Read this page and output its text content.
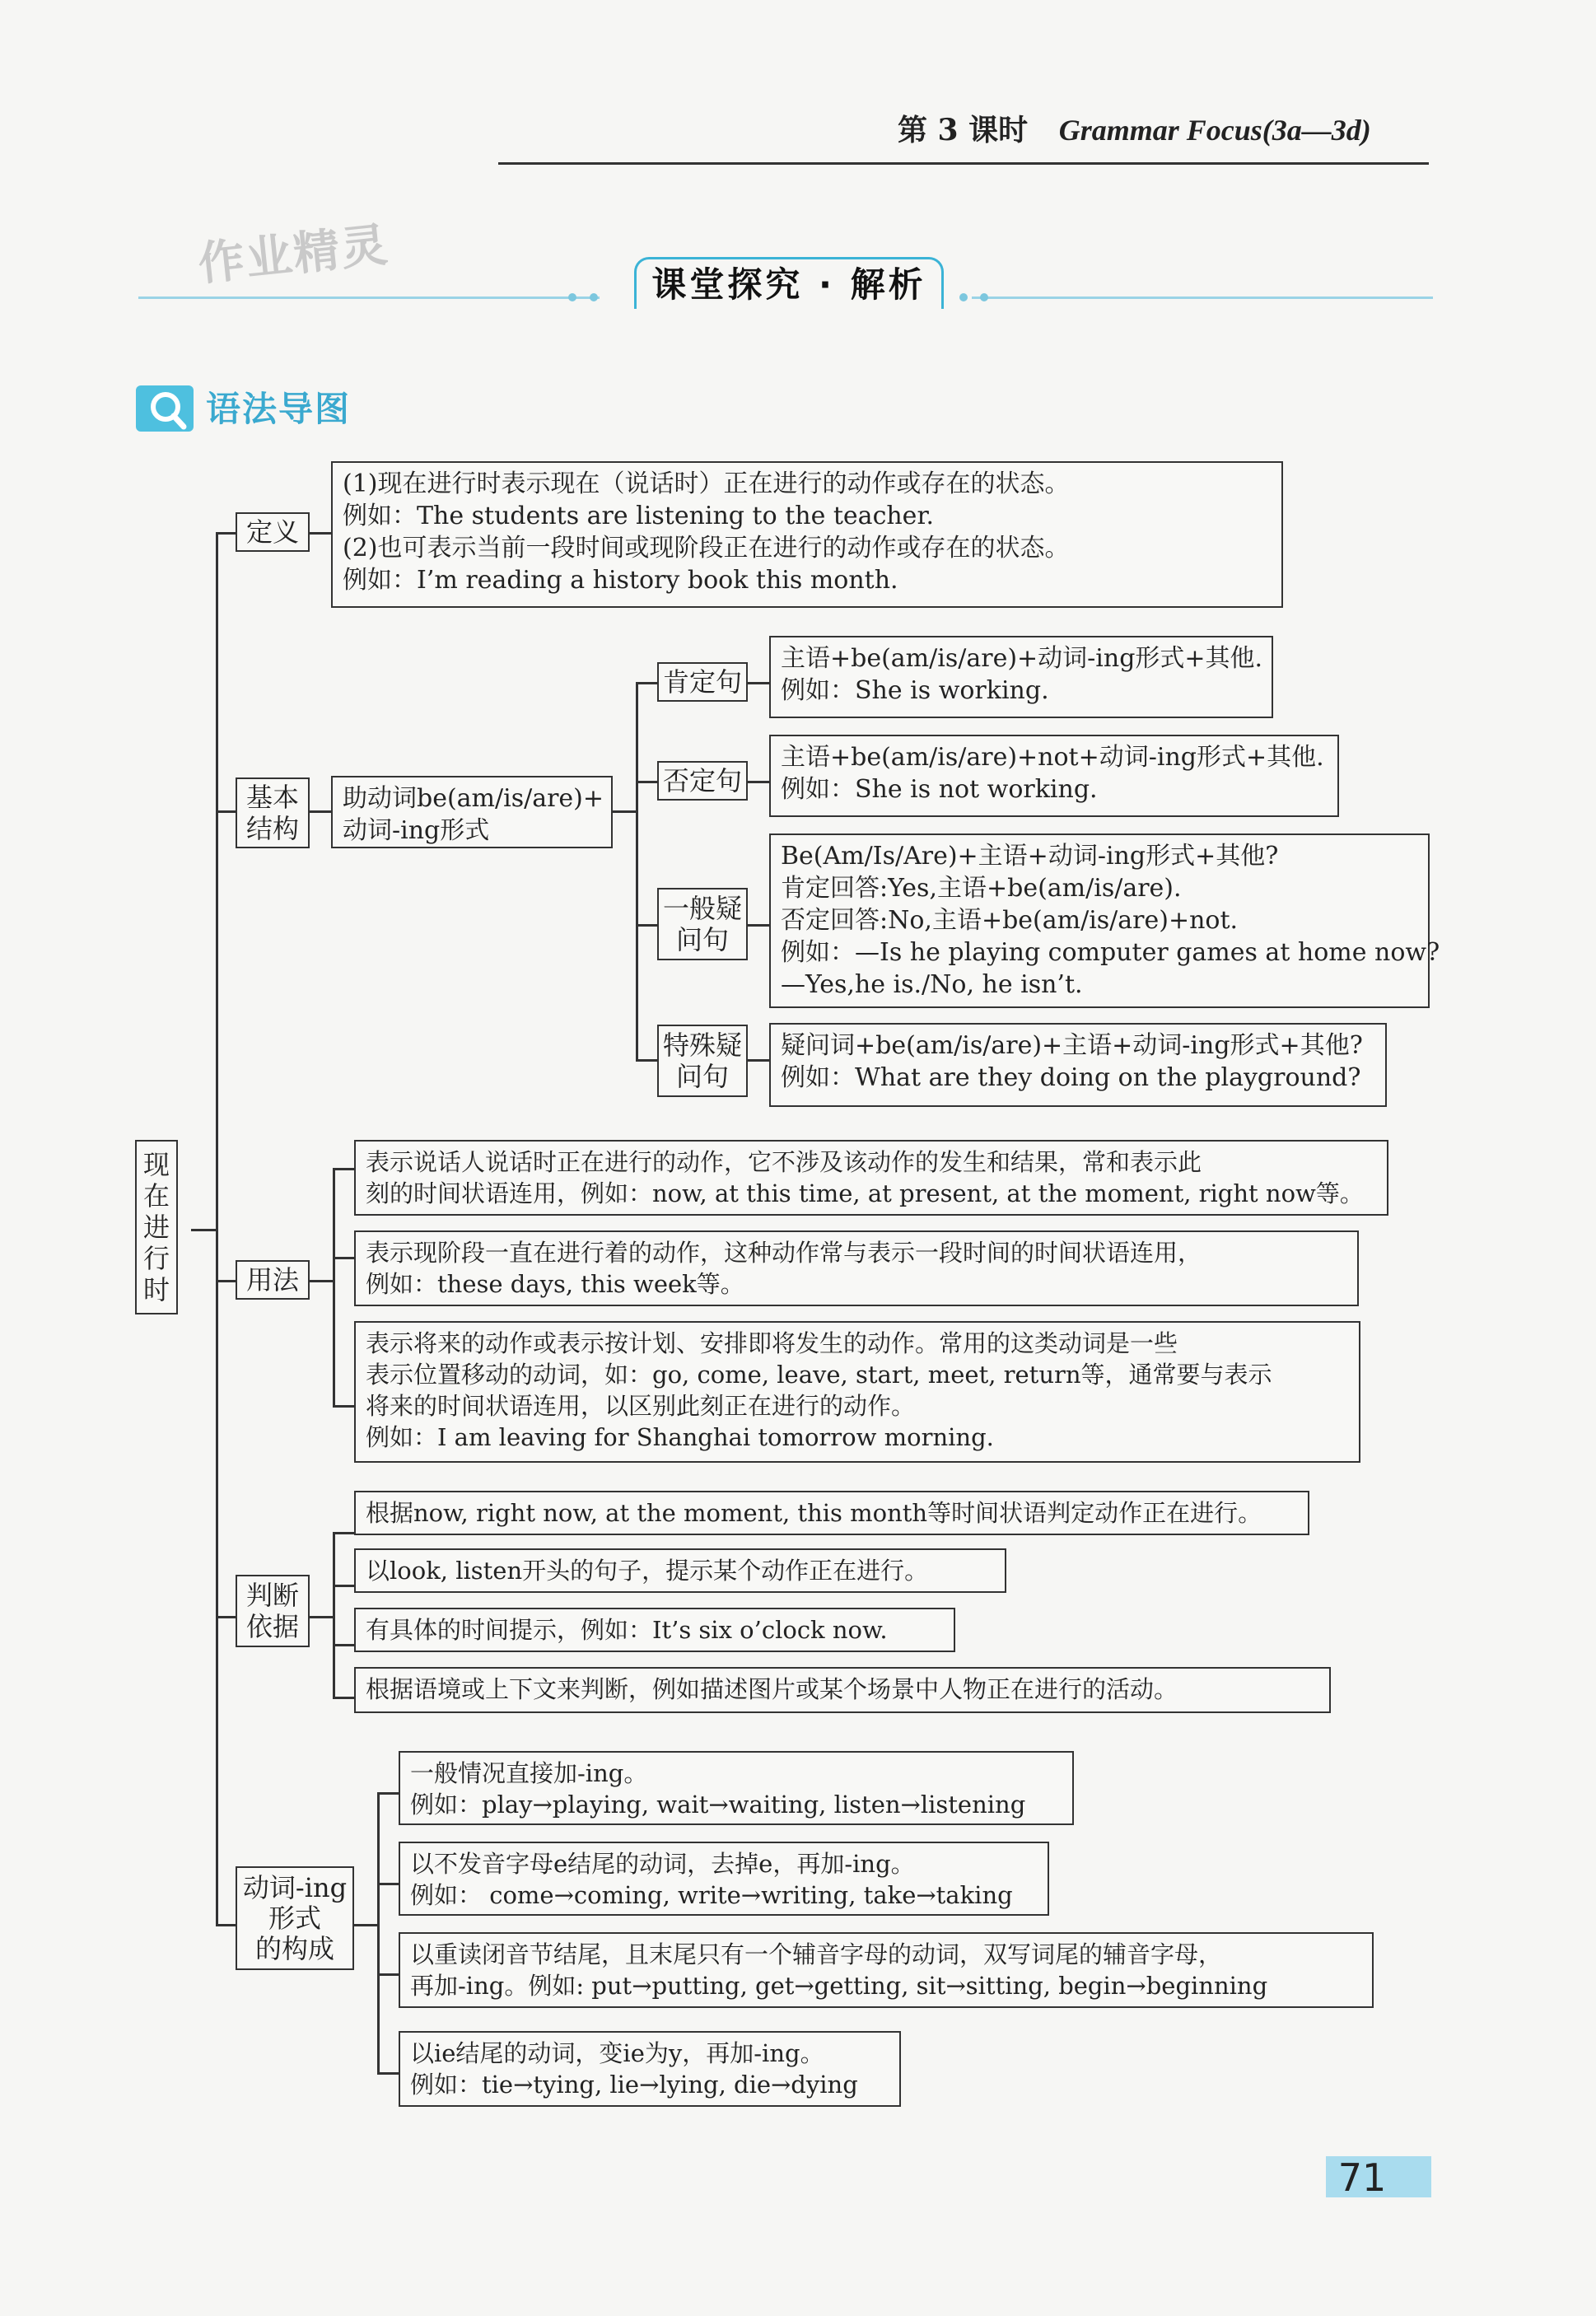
第 3 课时 Grammar Focus(3a—3d)
作业精灵	课堂探究 · 解析
语法导图
现
在
进
行
时
定义
(1)现在进行时表示现在（说话时）正在进行的动作或存在的状态。
例如：The students are listening to the teacher.
(2)也可表示当前一段时间或现阶段正在进行的动作或存在的状态。
例如：I’m reading a history book this month.
基本
结构
助动词be(am/is/are)+
动词-ing形式
肯定句
主语+be(am/is/are)+动词-ing形式+其他.
例如：She is working.
否定句
主语+be(am/is/are)+not+动词-ing形式+其他.
例如：She is not working.
一般疑
问句
Be(Am/Is/Are)+主语+动词-ing形式+其他?
肯定回答:Yes,主语+be(am/is/are).
否定回答:No,主语+be(am/is/are)+not.
例如：—Is he playing computer games at home now?
—Yes,he is./No, he isn’t.
特殊疑
问句
疑问词+be(am/is/are)+主语+动词-ing形式+其他?
例如：What are they doing on the playground?
用法
表示说话人说话时正在进行的动作，它不涉及该动作的发生和结果，常和表示此
刻的时间状语连用，例如：now, at this time, at present, at the moment, right now等。
表示现阶段一直在进行着的动作，这种动作常与表示一段时间的时间状语连用，
例如：these days, this week等。
表示将来的动作或表示按计划、安排即将发生的动作。常用的这类动词是一些
表示位置移动的动词，如：go, come, leave, start, meet, return等，通常要与表示
将来的时间状语连用，以区别此刻正在进行的动作。
例如：I am leaving for Shanghai tomorrow morning.
判断
依据
根据now, right now, at the moment, this month等时间状语判定动作正在进行。
以look, listen开头的句子，提示某个动作正在进行。
有具体的时间提示，例如：It’s six o’clock now.
根据语境或上下文来判断，例如描述图片或某个场景中人物正在进行的活动。
动词-ing
形式
的构成
一般情况直接加-ing。
例如：play→playing, wait→waiting, listen→listening
以不发音字母e结尾的动词，去掉e，再加-ing。
例如： come→coming, write→writing, take→taking
以重读闭音节结尾，且末尾只有一个辅音字母的动词，双写词尾的辅音字母，
再加-ing。例如: put→putting, get→getting, sit→sitting, begin→beginning
以ie结尾的动词，变ie为y，再加-ing。
例如：tie→tying, lie→lying, die→dying
71
